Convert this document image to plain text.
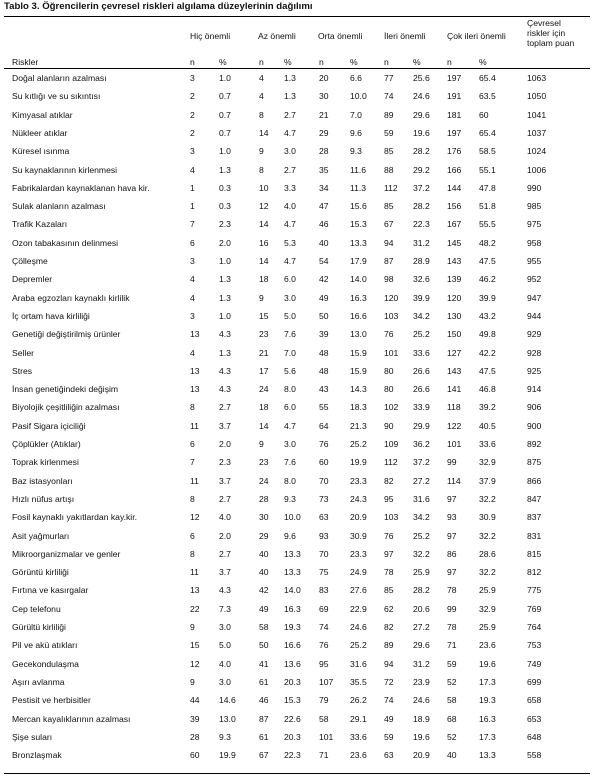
Tablo 3. Öğrencilerin çevresel riskleri algılama düzeylerinin dağılımı
Hiç önemli	Az önemli	Orta önemli	İleri önemli Çok ileri önemli
Çevresel
riskler için
toplam puan
Riskler	n	%	n %	n	%	n	%	n	%
Doğal alanların azalması	3	1.0	4 1.3	20 6.6	77 25.6 197 65.4	1063
Su kıtlığı ve su sıkıntısı	2	0.7	4 1.3	30 10.0 74 24.6 191 63.5	1050
Kimyasal atıklar	2	0.7	8 2.7	21 7.0	89 29.6 181 60	1041
Nükleer atıklar	2	0.7	14 4.7	29 9.6	59 19.6 197 65.4	1037
Küresel ısınma	3	1.0	9 3.0	28 9.3	85 28.2 176 58.5	1024
Su kaynaklarının kirlenmesi	4	1.3	8 2.7	35 11.6 88 29.2 166 55.1	1006
Fabrikalardan kaynaklanan hava kir.	1	0.3	10 3.3	34 11.3 112 37.2 144 47.8	990
Sulak alanların azalması	1	0.3	12 4.0	47 15.6 85 28.2 156 51.8	985
Trafik Kazaları	7	2.3	14 4.7	46 15.3 67 22.3 167 55.5	975
Ozon tabakasının delinmesi	6	2.0	16 5.3	40 13.3 94 31.2 145 48.2	958
Çölleşme	3	1.0	14 4.7	54 17.9 87 28.9 143 47.5	955
Depremler	4	1.3	18 6.0	42 14.0 98 32.6 139 46.2	952
Araba egzozları kaynaklı kirlilik	4	1.3	9 3.0	49 16.3 120 39.9 120 39.9	947
İç ortam hava kirliliği	3	1.0	15 5.0	50 16.6 103 34.2 130 43.2	944
Genetiği değiştirilmiş ürünler	13 4.3	23 7.6	39 13.0 76 25.2 150 49.8	929
Seller	4	1.3	21 7.0	48 15.9 101 33.6 127 42.2	928
Stres	13 4.3	17 5.6	48 15.9 80 26.6 143 47.5	925
İnsan genetiğindeki değişim	13 4.3	24 8.0	43 14.3 80 26.6 141 46.8	914
Biyolojik çeşitliliğin azalması	8	2.7	18 6.0	55 18.3 102 33.9 118 39.2	906
Pasif Sigara içiciliği	11 3.7	14 4.7	64 21.3 90 29.9 122 40.5	900
Çöplükler (Atıklar)	6	2.0	9 3.0	76 25.2 109 36.2 101 33.6	892
Toprak kirlenmesi	7	2.3	23 7.6	60 19.9 112 37.2 99	32.9	875
Baz istasyonları	11 3.7	24 8.0	70 23.3 82 27.2 114 37.9	866
Hızlı nüfus artışı	8	2.7	28 9.3	73 24.3 95 31.6 97	32.2	847
Fosil kaynaklı yakıtlardan kay.kir.	12 4.0	30 10.0 63 20.9 103 34.2 93	30.9	837
Asit yağmurları	6	2.0	29 9.6	93 30.9 76 25.2 97	32.2	831
Mikroorganizmalar ve genler	8	2.7	40 13.3 70 23.3 97 32.2 86	28.6	815
Görüntü kirliliği	11 3.7	40 13.3 75 24.9 78 25.9 97	32.2	812
Fırtına ve kasırgalar	13 4.3	42 14.0 83 27.6 85 28.2 78	25.9	775
Cep telefonu	22 7.3	49 16.3 69 22.9 62 20.6 99	32.9	769
Gürültü kirliliği	9	3.0	58 19.3 74 24.6 82 27.2 78	25.9	764
Pil ve akü atıkları	15 5.0	50 16.6 76 25.2 89 29.6 71	23.6	753
Gecekondulaşma	12 4.0	41 13.6 95 31.6 94 31.2 59	19.6	749
Aşırı avlanma	9	3.0	61 20.3 107 35.5 72 23.9 52	17.3	699
Pestisit ve herbisitler	44 14.6	46 15.3 79 26.2 74 24.6 58	19.3	658
Mercan kayalıklarının azalması	39 13.0	87 22.6 58 29.1 49 18.9 68	16.3	653
Şişe suları	28 9.3	61 20.3 101 33.6 59 19.6 52	17.3	648
Bronzlaşmak	60 19.9	67 22.3 71 23.6 63 20.9 40	13.3	558
